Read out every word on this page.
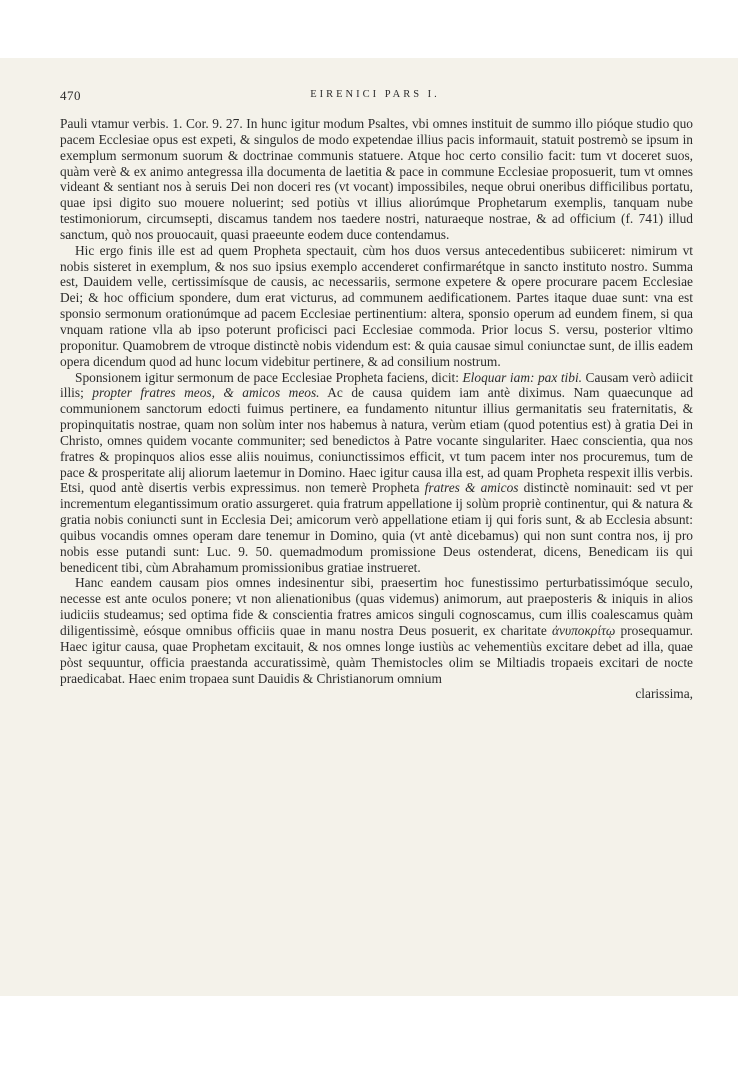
470	EIRENICI PARS I.

Pauli vtamur verbis. 1. Cor. 9. 27. In hunc igitur modum Psaltes, vbi omnes instituit de summo illo pióque studio quo pacem Ecclesiae opus est expeti, & singulos de modo expetendae illius pacis informauit, statuit postremò se ipsum in exemplum sermonum suorum & doctrinae communis statuere. Atque hoc certo consilio facit: tum vt doceret suos, quàm verè & ex animo antegressa illa documenta de laetitia & pace in commune Ecclesiae proposuerit, tum vt omnes videant & sentiant nos à seruis Dei non doceri res (vt vocant) impossibiles, neque obrui oneribus difficilibus portatu, quae ipsi digito suo mouere noluerint; sed potiùs vt illius aliorúmque Prophetarum exemplis, tanquam nube testimoniorum, circumsepti, discamus tandem nos taedere nostri, naturaeque nostrae, & ad officium (f. 741) illud sanctum, quò nos prouocauit, quasi praeeunte eodem duce contendamus.

Hic ergo finis ille est ad quem Propheta spectauit, cùm hos duos versus antecedentibus subiiceret: nimirum vt nobis sisteret in exemplum, & nos suo ipsius exemplo accenderet confirmarétque in sancto instituto nostro. Summa est, Dauidem velle, certissimísque de causis, ac necessariis, sermone expetere & opere procurare pacem Ecclesiae Dei; & hoc officium spondere, dum erat victurus, ad communem aedificationem. Partes itaque duae sunt: vna est sponsio sermonum orationúmque ad pacem Ecclesiae pertinentium: altera, sponsio operum ad eundem finem, si qua vnquam ratione vlla ab ipso poterunt proficisci paci Ecclesiae commoda. Prior locus S. versu, posterior vltimo proponitur. Quamobrem de vtroque distinctè nobis videndum est: & quia causae simul coniunctae sunt, de illis eadem opera dicendum quod ad hunc locum videbitur pertinere, & ad consilium nostrum.

Sponsionem igitur sermonum de pace Ecclesiae Propheta faciens, dicit: Eloquar iam: pax tibi. Causam verò adiicit illis; propter fratres meos, & amicos meos. Ac de causa quidem iam antè diximus. Nam quaecunque ad communionem sanctorum edocti fuimus pertinere, ea fundamento nituntur illius germanitatis seu fraternitatis, & propinquitatis nostrae, quam non solùm inter nos habemus à natura, verùm etiam (quod potentius est) à gratia Dei in Christo, omnes quidem vocante communiter; sed benedictos à Patre vocante singulariter. Haec conscientia, qua nos fratres & propinquos alios esse aliis nouimus, coniunctissimos efficit, vt tum pacem inter nos procuremus, tum de pace & prosperitate alij aliorum laetemur in Domino. Haec igitur causa illa est, ad quam Propheta respexit illis verbis. Etsi, quod antè disertis verbis expressimus. non temerè Propheta fratres & amicos distinctè nominauit: sed vt per incrementum elegantissimum oratio assurgeret. quia fratrum appellatione ij solùm propriè continentur, qui & natura & gratia nobis coniuncti sunt in Ecclesia Dei; amicorum verò appellatione etiam ij qui foris sunt, & ab Ecclesia absunt: quibus vocandis omnes operam dare tenemur in Domino, quia (vt antè dicebamus) qui non sunt contra nos, ij pro nobis esse putandi sunt: Luc. 9. 50. quemadmodum promissione Deus ostenderat, dicens, Benedicam iis qui benedicent tibi, cùm Abrahamum promissionibus gratiae instrueret.

Hanc eandem causam pios omnes indesinentur sibi, praesertim hoc funestissimo perturbatissimóque seculo, necesse est ante oculos ponere; vt non alienationibus (quas videmus) animorum, aut praeposteris & iniquis in alios iudiciis studeamus; sed optima fide & conscientia fratres amicos singuli cognoscamus, cum illis coalescamus quàm diligentissimè, eósque omnibus officiis quae in manu nostra Deus posuerit, ex charitate ἀνυποκρίτῳ prosequamur. Haec igitur causa, quae Prophetam excitauit, & nos omnes longe iustiùs ac vehementiùs excitare debet ad illa, quae pòst sequuntur, officia praestanda accuratissimè, quàm Themistocles olim se Miltiadis tropaeis excitari de nocte praedicabat. Haec enim tropaea sunt Dauidis & Christianorum omnium

clarissima,
